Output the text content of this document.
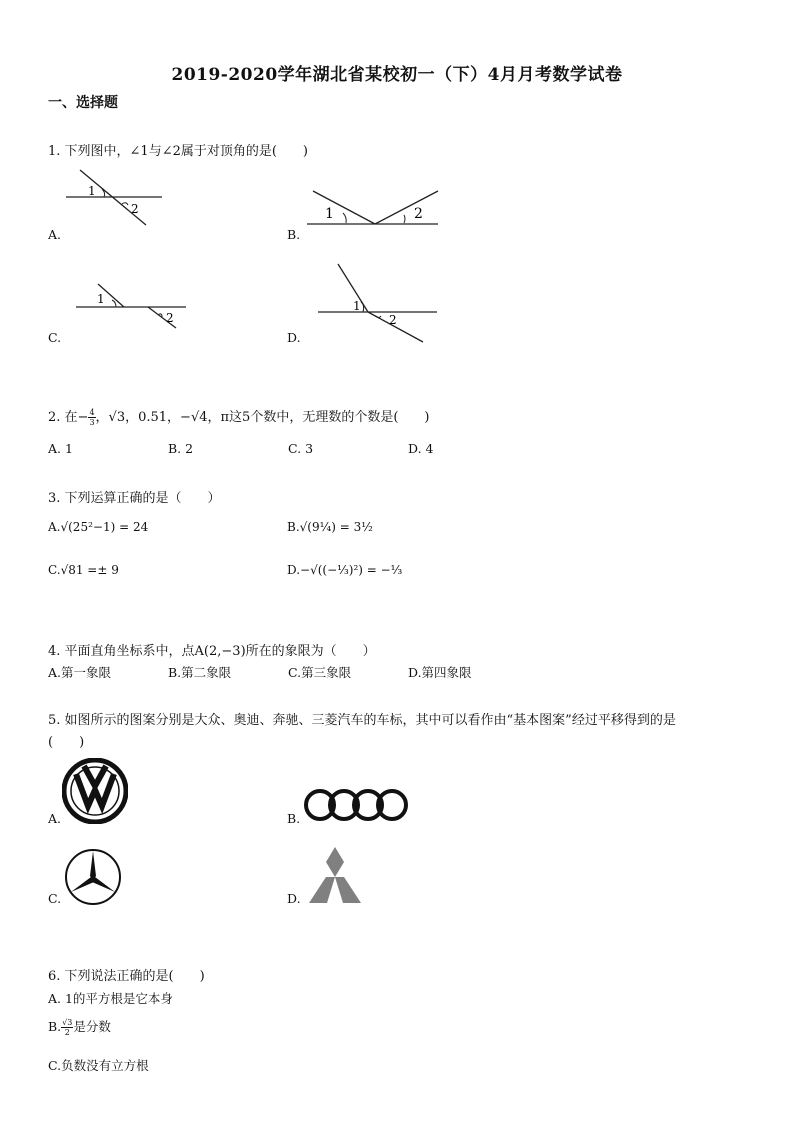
2019-2020学年湖北省某校初一（下）4月月考数学试卷
一、选择题
1. 下列图中，∠1与∠2属于对顶角的是(　　)
1
2
A.
1	2
B.
1
2
C.
1
2
D.
2. 在− $\frac{4}{3}$ ，√3，0.51，−√4，π这5个数中，无理数的个数是(　　)
A. 1	B. 2	C. 3	D. 4
3. 下列运算正确的是（　　）
A.√(25²−1) = 24	B.√(9¼) = 3½
C.√81 =± 9	D.−√((−⅓)²) = −⅓
4. 平面直角坐标系中，点A(2,−3)所在的象限为（　　）
A.第一象限	B.第二象限	C.第三象限	D.第四象限
5. 如图所示的图案分别是大众、奥迪、奔驰、三菱汽车的车标，其中可以看作由“基本图案”经过平移得到的是
(　　)
A.	B.
C.	D.
6. 下列说法正确的是(　　)
A. 1的平方根是它本身
B. $\frac{√3}{2}$ 是分数
C.负数没有立方根
